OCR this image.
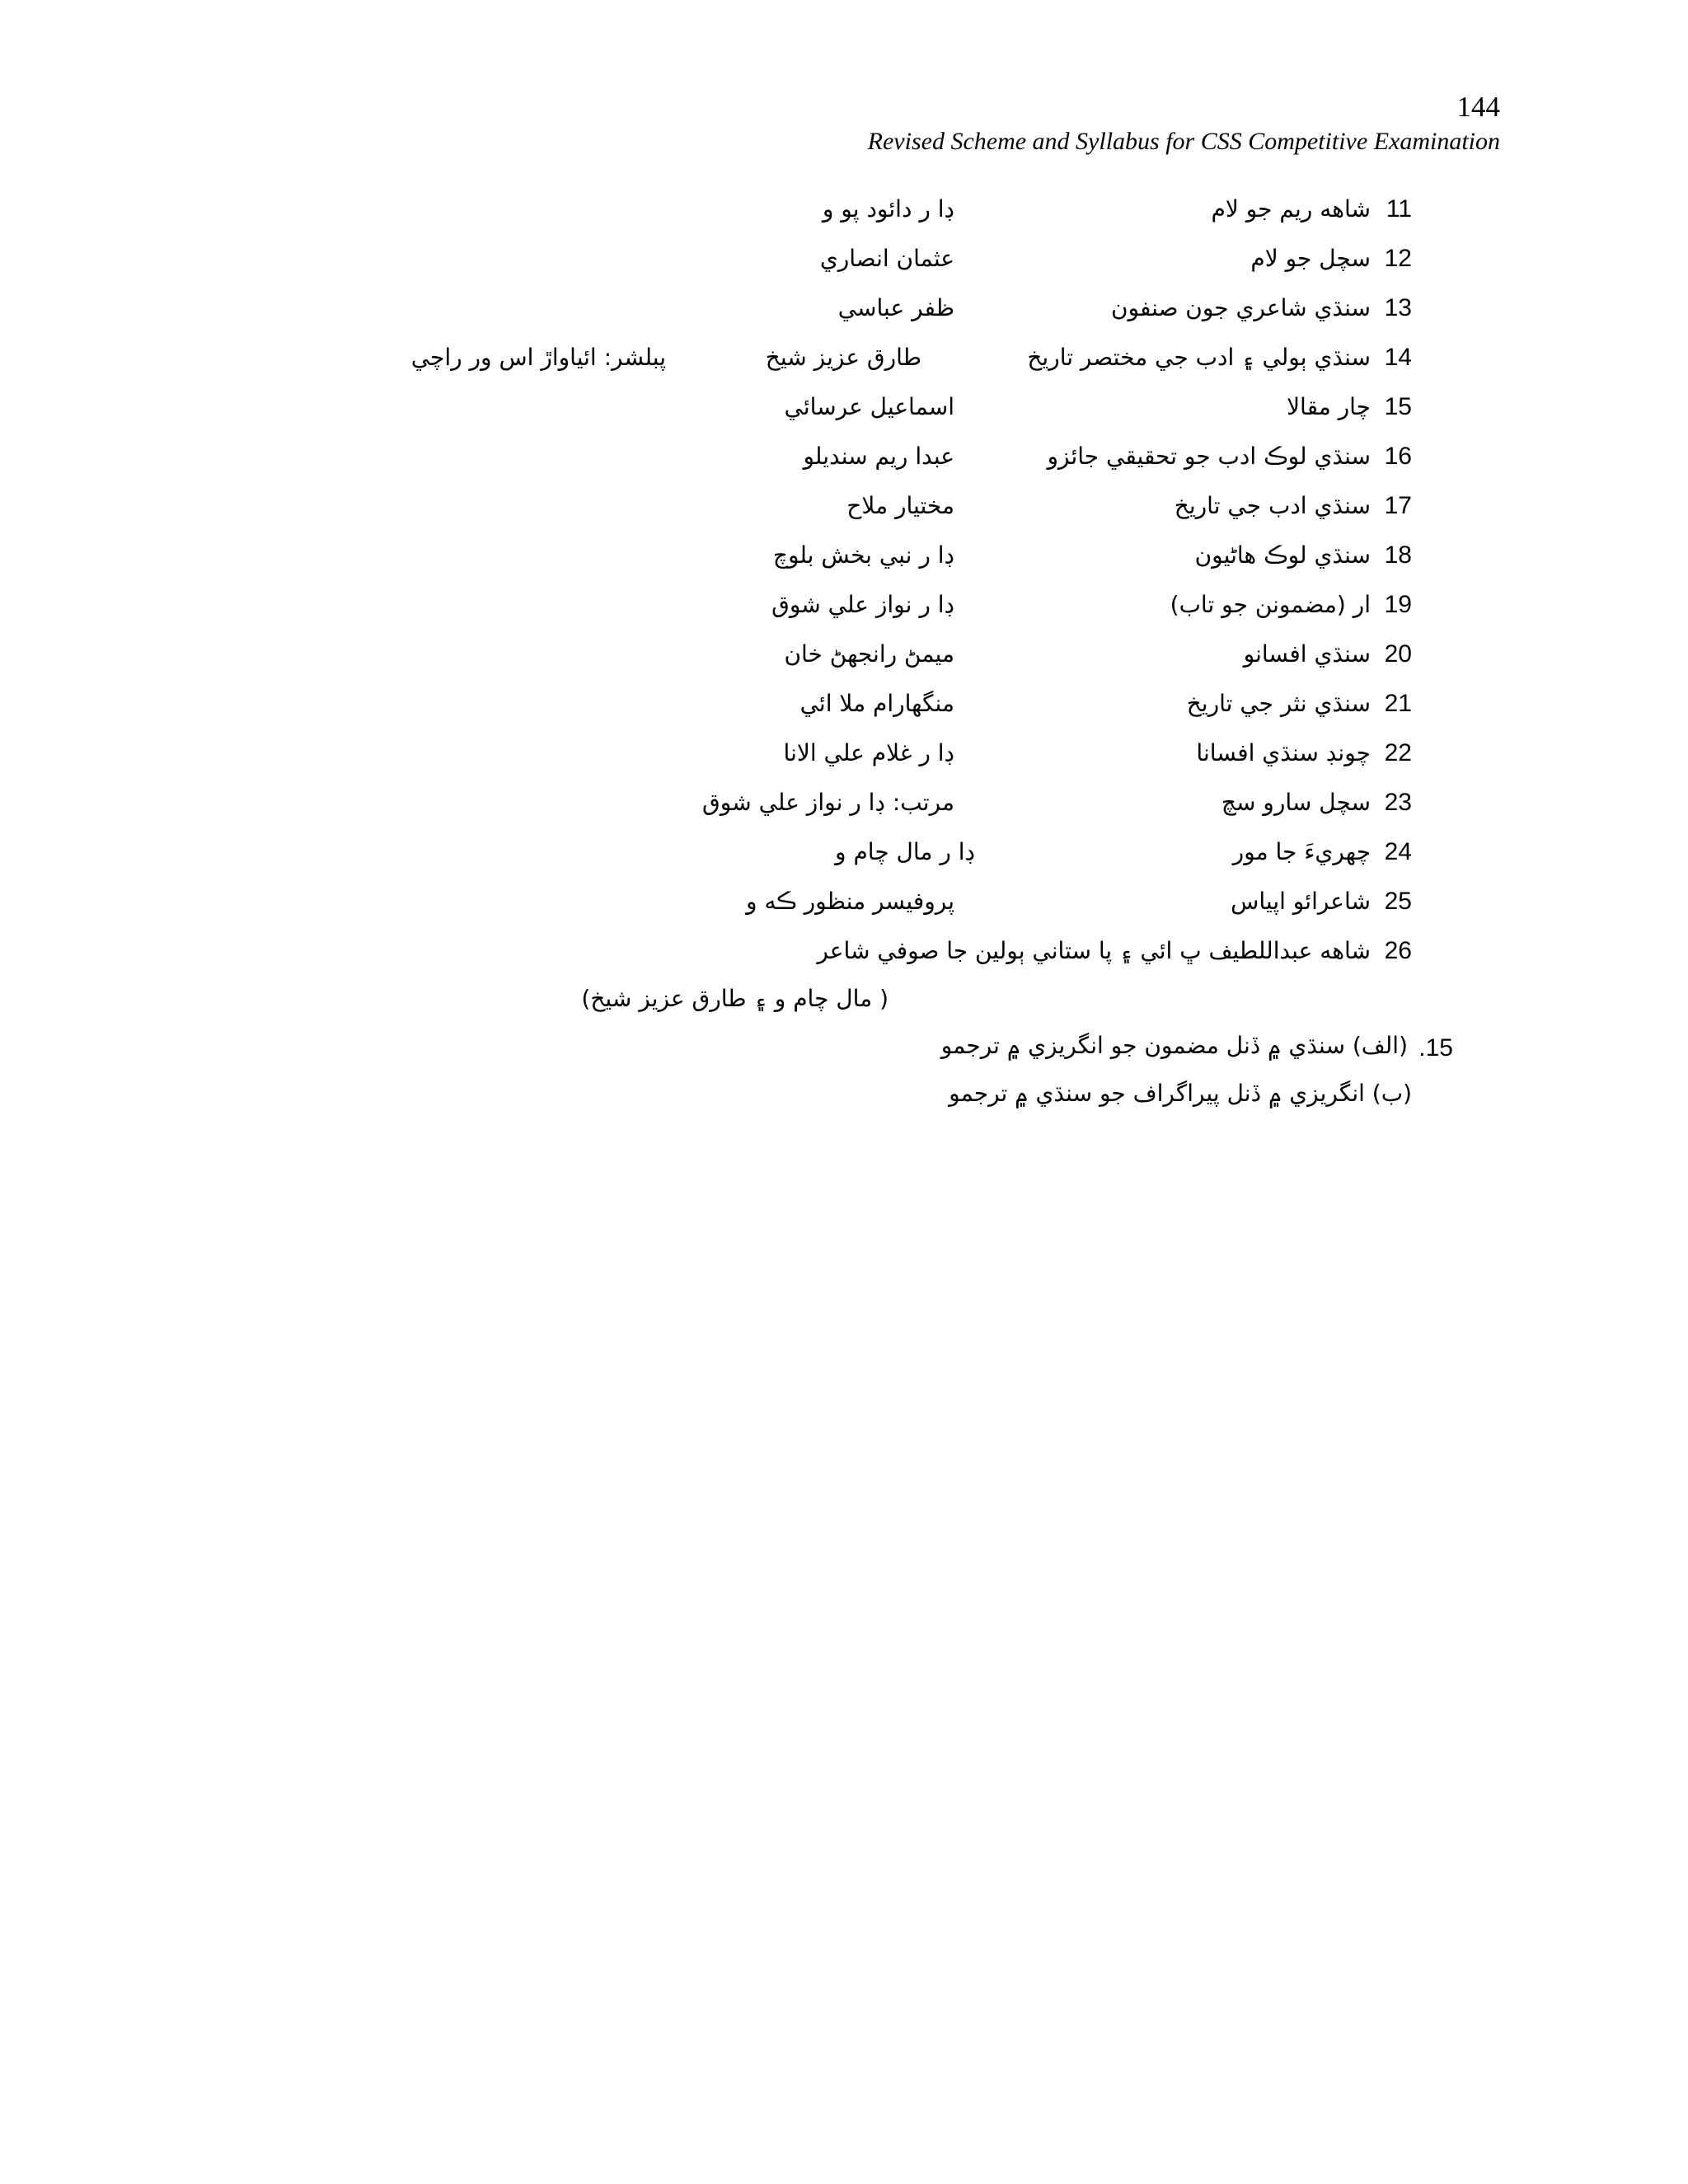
144
Revised Scheme and Syllabus for CSS Competitive Examination
11
شاهه ريم جو لام
ڊا ر دائود پو و
12
سچل جو لام
عثمان انصاري
13
سنڌي شاعري جون صنفون
ظفر عباسي
14
سنڌي ٻولي ۽ ادب جي مختصر تاريخ
طارق عزيز شيخ
پبلشر: ائياواڙ اس ور راچي
15
چار مقالا
اسماعيل عرسائي
16
سنڌي لوڪ ادب جو تحقيقي جائزو
عبدا ريم سنديلو
17
سنڌي ادب جي تاريخ
مختيار ملاح
18
سنڌي لوڪ هاڻيون
ڊا ر نبي بخش بلوچ
19
ار (مضمونن جو تاب)
ڊا ر نواز علي شوق
20
سنڌي افسانو
ميمڻ رانجهڻ خان
21
سنڌي نثر جي تاريخ
منگهارام ملا ائي
22
چونڊ سنڌي افسانا
ڊا ر غلام علي الانا
23
سچل سارو سچ
مرتب: ڊا ر نواز علي شوق
24
چهريءَ جا مور
ڊا ر مال چام و
25
شاعرائو اپياس
پروفيسر منظور ڪه و
26
شاهه عبداللطيف ڀ ائي ۽ پا ستاني ٻولين جا صوفي شاعر
( مال چام و ۽ طارق عزيز شيخ)
.15
(الف) سنڌي ۾ ڏنل مضمون جو انگريزي ۾ ترجمو
(ب) انگريزي ۾ ڏنل پيراگراف جو سنڌي ۾ ترجمو
